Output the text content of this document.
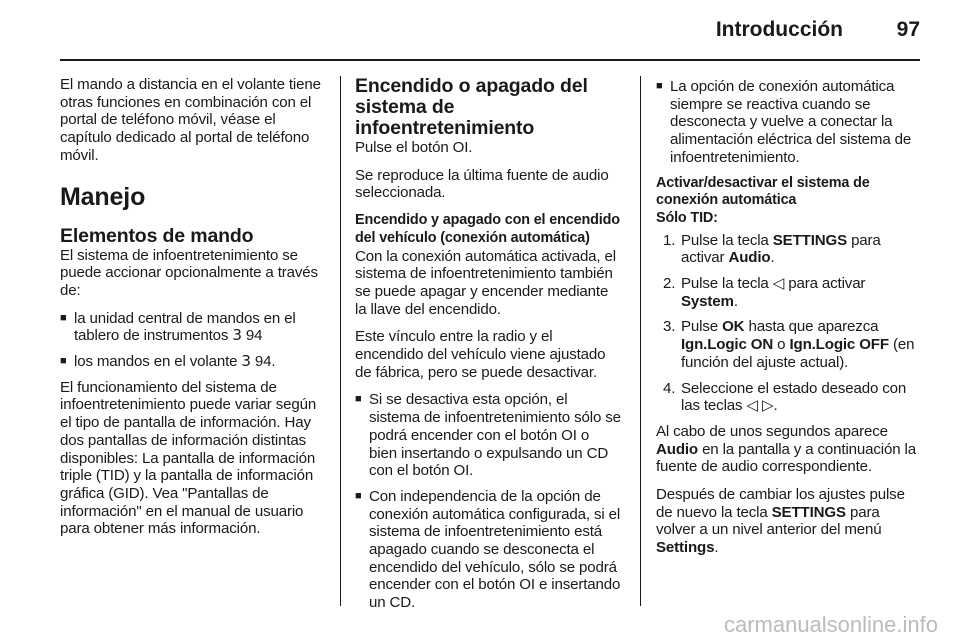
Introducción	97

El mando a distancia en el volante tiene otras funciones en combinación con el portal de teléfono móvil, véase el capítulo dedicado al portal de teléfono móvil.

Manejo
Elementos de mando

El sistema de infoentretenimiento se puede accionar opcionalmente a través de:

■ la unidad central de mandos en el tablero de instrumentos 3 94
■ los mandos en el volante 3 94.

El funcionamiento del sistema de infoentretenimiento puede variar según el tipo de pantalla de información. Hay dos pantallas de información distintas disponibles: La pantalla de información triple (TID) y la pantalla de información gráfica (GID). Vea "Pantallas de información" en el manual de usuario para obtener más información.

Encendido o apagado del sistema de infoentretenimiento

Pulse el botón OI.

Se reproduce la última fuente de audio seleccionada.

Encendido y apagado con el encendido del vehículo (conexión automática)

Con la conexión automática activada, el sistema de infoentretenimiento también se puede apagar y encender mediante la llave del encendido.

Este vínculo entre la radio y el encendido del vehículo viene ajustado de fábrica, pero se puede desactivar.

■ Si se desactiva esta opción, el sistema de infoentretenimiento sólo se podrá encender con el botón OI o bien insertando o expulsando un CD con el botón OI.
■ Con independencia de la opción de conexión automática configurada, si el sistema de infoentretenimiento está apagado cuando se desconecta el encendido del vehículo, sólo se podrá encender con el botón OI e insertando un CD.
■ La opción de conexión automática siempre se reactiva cuando se desconecta y vuelve a conectar la alimentación eléctrica del sistema de infoentretenimiento.
Activar/desactivar el sistema de conexión automática
Sólo TID:
1. Pulse la tecla SETTINGS para activar Audio.
2. Pulse la tecla ◁ para activar System.
3. Pulse OK hasta que aparezca Ign.Logic ON o Ign.Logic OFF (en función del ajuste actual).
4. Seleccione el estado deseado con las teclas ◁ ▷.

Al cabo de unos segundos aparece Audio en la pantalla y a continuación la fuente de audio correspondiente.

Después de cambiar los ajustes pulse de nuevo la tecla SETTINGS para volver a un nivel anterior del menú Settings.

carmanualsonline.info
